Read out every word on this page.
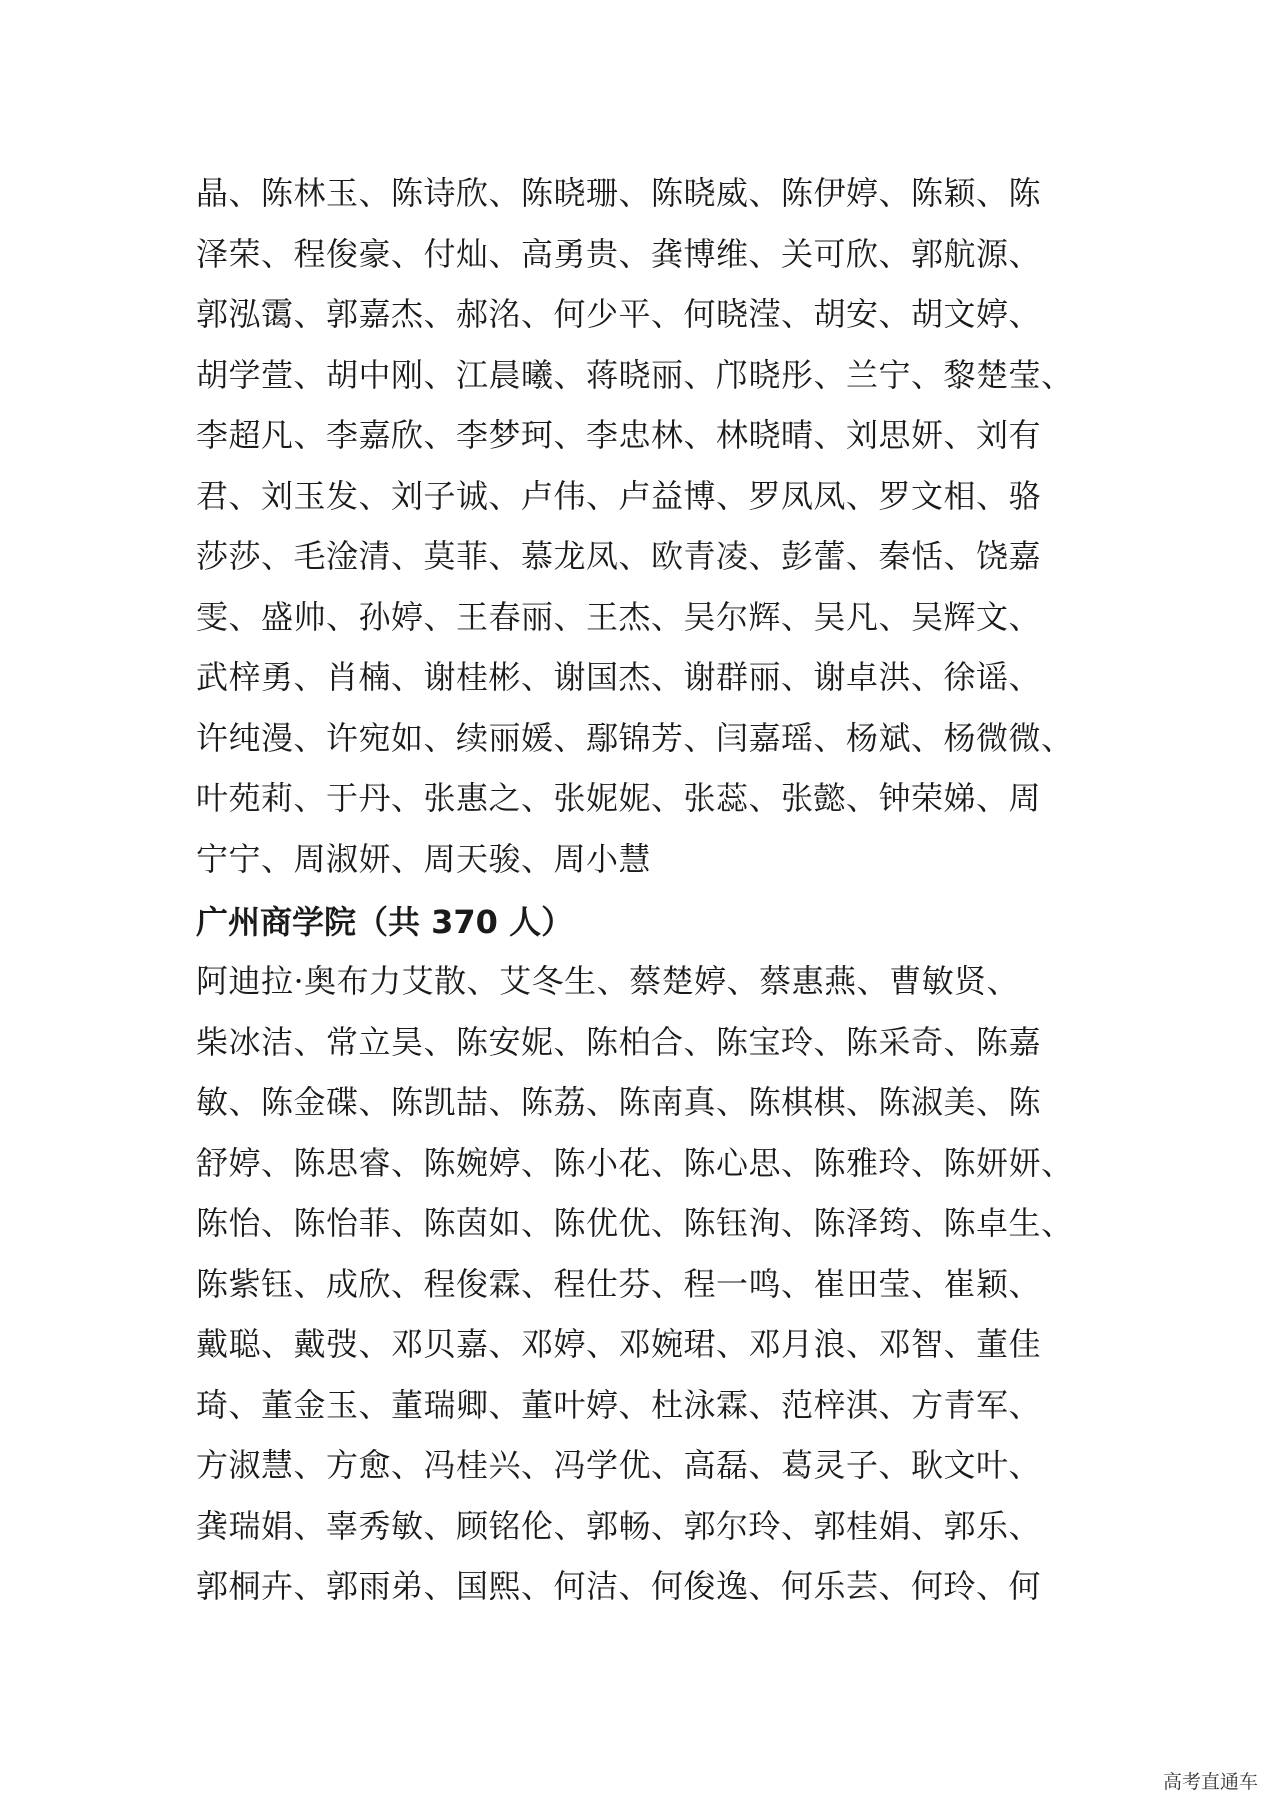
晶、陈林玉、陈诗欣、陈晓珊、陈晓威、陈伊婷、陈颖、陈
泽荣、程俊豪、付灿、高勇贵、龚博维、关可欣、郭航源、
郭泓霭、郭嘉杰、郝洺、何少平、何晓滢、胡安、胡文婷、
胡学萱、胡中刚、江晨曦、蒋晓丽、邝晓彤、兰宁、黎楚莹、
李超凡、李嘉欣、李梦珂、李忠林、林晓晴、刘思妍、刘有
君、刘玉发、刘子诚、卢伟、卢益博、罗凤凤、罗文相、骆
莎莎、毛淦清、莫菲、慕龙凤、欧青凌、彭蕾、秦恬、饶嘉
雯、盛帅、孙婷、王春丽、王杰、吴尔辉、吴凡、吴辉文、
武梓勇、肖楠、谢桂彬、谢国杰、谢群丽、谢卓洪、徐谣、
许纯漫、许宛如、续丽媛、鄢锦芳、闫嘉瑶、杨斌、杨微微、
叶苑莉、于丹、张惠之、张妮妮、张蕊、张懿、钟荣娣、周
宁宁、周淑妍、周天骏、周小慧
广州商学院（共 370 人）
阿迪拉·奥布力艾散、艾冬生、蔡楚婷、蔡惠燕、曹敏贤、
柴冰洁、常立昊、陈安妮、陈柏合、陈宝玲、陈采奇、陈嘉
敏、陈金碟、陈凯喆、陈荔、陈南真、陈棋棋、陈淑美、陈
舒婷、陈思睿、陈婉婷、陈小花、陈心思、陈雅玲、陈妍妍、
陈怡、陈怡菲、陈茵如、陈优优、陈钰洵、陈泽筠、陈卓生、
陈紫钰、成欣、程俊霖、程仕芬、程一鸣、崔田莹、崔颖、
戴聪、戴弢、邓贝嘉、邓婷、邓婉珺、邓月浪、邓智、董佳
琦、董金玉、董瑞卿、董叶婷、杜泳霖、范梓淇、方青军、
方淑慧、方愈、冯桂兴、冯学优、高磊、葛灵子、耿文叶、
龚瑞娟、辜秀敏、顾铭伦、郭畅、郭尔玲、郭桂娟、郭乐、
郭桐卉、郭雨弟、国熙、何洁、何俊逸、何乐芸、何玲、何
高考直通车
